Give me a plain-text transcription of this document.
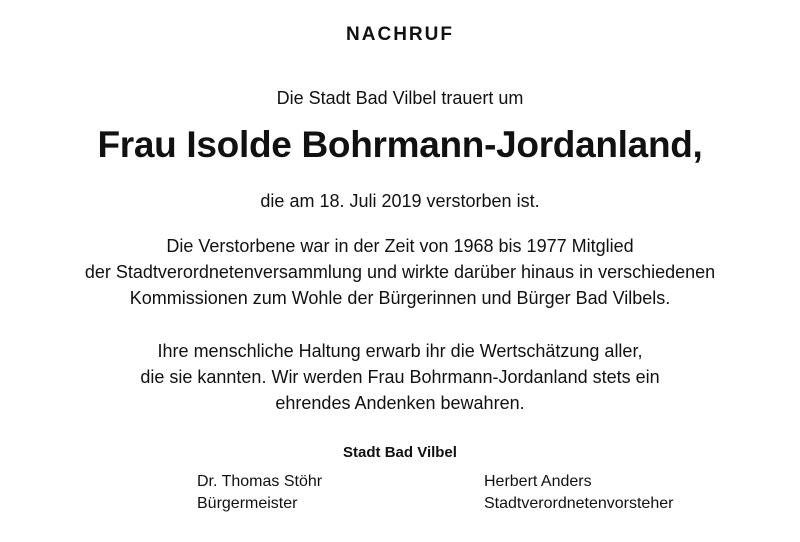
NACHRUF
Die Stadt Bad Vilbel trauert um
Frau Isolde Bohrmann-Jordanland,
die am 18. Juli 2019 verstorben ist.
Die Verstorbene war in der Zeit von 1968 bis 1977 Mitglied
der Stadtverordnetenversammlung und wirkte darüber hinaus in verschiedenen
Kommissionen zum Wohle der Bürgerinnen und Bürger Bad Vilbels.
Ihre menschliche Haltung erwarb ihr die Wertschätzung aller,
die sie kannten. Wir werden Frau Bohrmann-Jordanland stets ein
ehrendes Andenken bewahren.
Stadt Bad Vilbel
Dr. Thomas Stöhr
Bürgermeister
Herbert Anders
Stadtverordnetenvorsteher
